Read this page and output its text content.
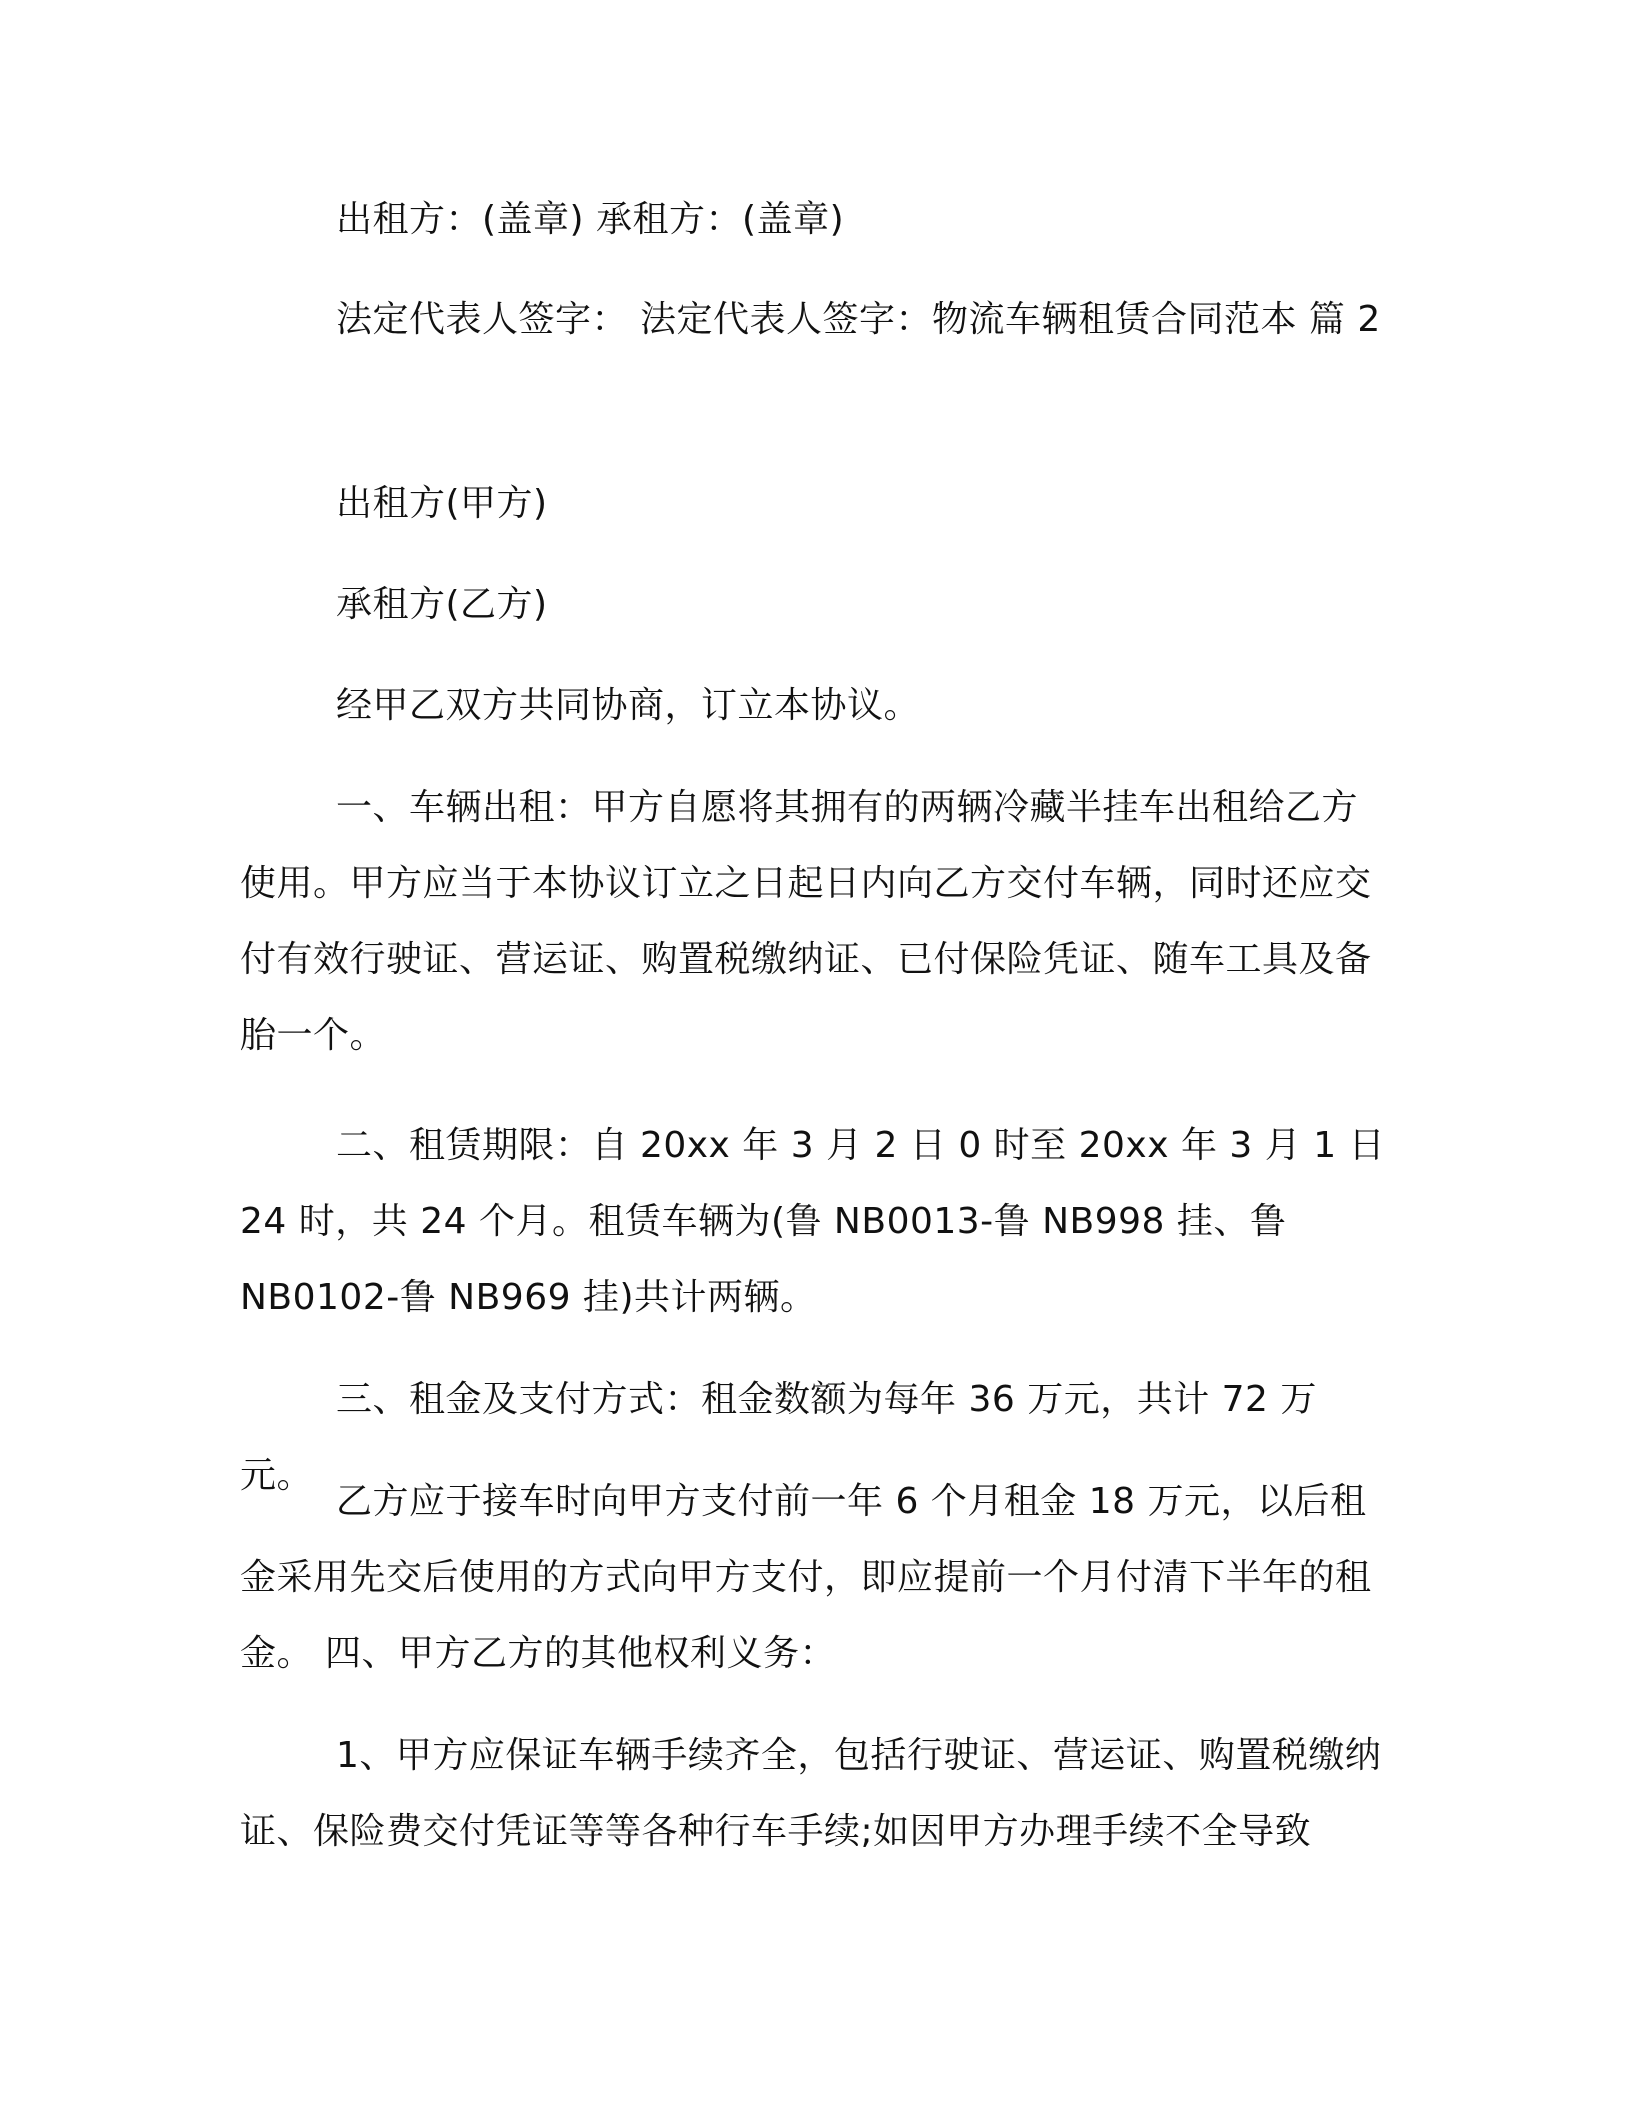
出租方：(盖章) 承租方：(盖章)

法定代表人签字： 法定代表人签字：物流车辆租赁合同范本 篇 2

出租方(甲方)

承租方(乙方)

经甲乙双方共同协商，订立本协议。

一、车辆出租：甲方自愿将其拥有的两辆冷藏半挂车出租给乙方使用。甲方应当于本协议订立之日起日内向乙方交付车辆，同时还应交付有效行驶证、营运证、购置税缴纳证、已付保险凭证、随车工具及备胎一个。

二、租赁期限：自 20xx 年 3 月 2 日 0 时至 20xx 年 3 月 1 日 24 时，共 24 个月。租赁车辆为(鲁 NB0013-鲁 NB998 挂、鲁 NB0102-鲁 NB969 挂)共计两辆。

三、租金及支付方式：租金数额为每年 36 万元，共计 72 万元。

乙方应于接车时向甲方支付前一年 6 个月租金 18 万元，以后租金采用先交后使用的方式向甲方支付，即应提前一个月付清下半年的租金。 四、甲方乙方的其他权利义务：

1、甲方应保证车辆手续齐全，包括行驶证、营运证、购置税缴纳证、保险费交付凭证等等各种行车手续;如因甲方办理手续不全导致
